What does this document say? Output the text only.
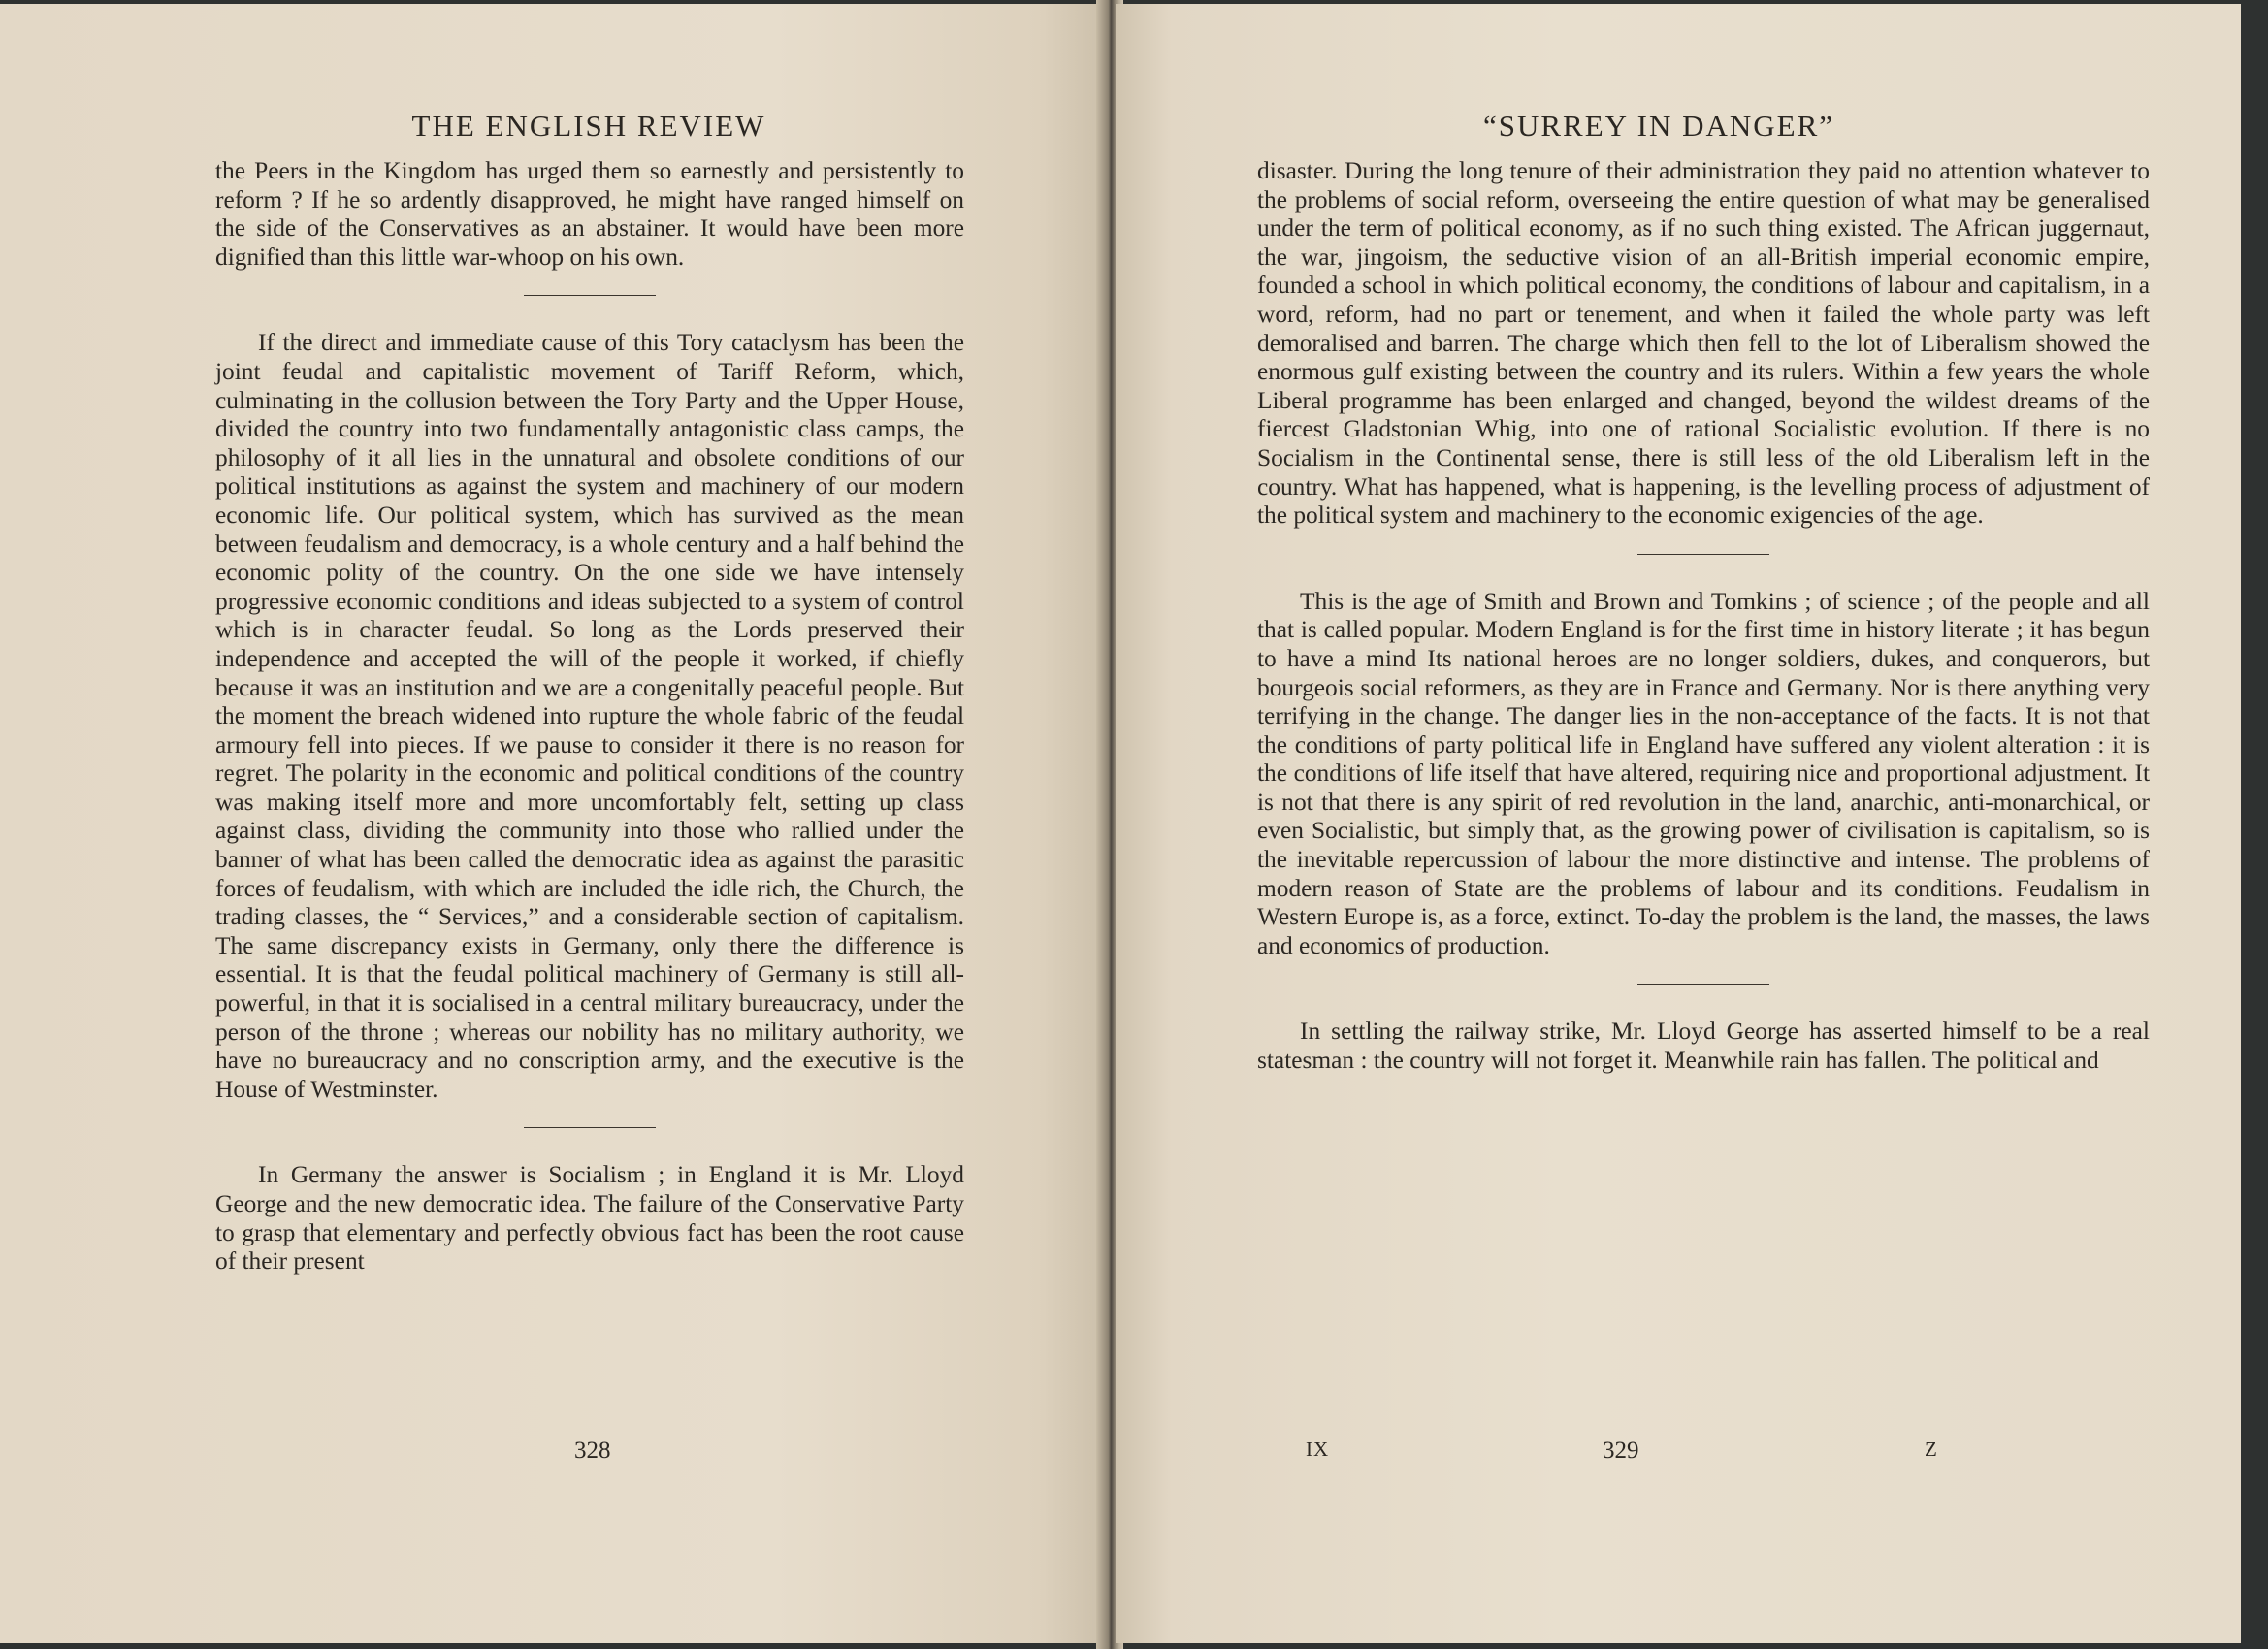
THE ENGLISH REVIEW

the Peers in the Kingdom has urged them so earnestly and persistently to reform ? If he so ardently disapproved, he might have ranged himself on the side of the Conservatives as an abstainer. It would have been more dignified than this little war-whoop on his own.

If the direct and immediate cause of this Tory cataclysm has been the joint feudal and capitalistic movement of Tariff Reform, which, culminating in the collusion between the Tory Party and the Upper House, divided the country into two fundamentally antagonistic class camps, the philosophy of it all lies in the unnatural and obsolete conditions of our political institutions as against the system and machinery of our modern economic life. Our political system, which has survived as the mean between feudalism and democracy, is a whole century and a half behind the economic polity of the country. On the one side we have intensely progressive economic conditions and ideas subjected to a system of control which is in character feudal. So long as the Lords preserved their independence and accepted the will of the people it worked, if chiefly because it was an institution and we are a congenitally peaceful people. But the moment the breach widened into rupture the whole fabric of the feudal armoury fell into pieces. If we pause to consider it there is no reason for regret. The polarity in the economic and political conditions of the country was making itself more and more uncomfortably felt, setting up class against class, dividing the community into those who rallied under the banner of what has been called the democratic idea as against the parasitic forces of feudalism, with which are included the idle rich, the Church, the trading classes, the “ Services,” and a considerable section of capitalism. The same discrepancy exists in Germany, only there the difference is essential. It is that the feudal political machinery of Germany is still all-powerful, in that it is socialised in a central military bureaucracy, under the person of the throne ; whereas our nobility has no military authority, we have no bureaucracy and no conscription army, and the executive is the House of Westminster.

In Germany the answer is Socialism ; in England it is Mr. Lloyd George and the new democratic idea. The failure of the Conservative Party to grasp that elementary and perfectly obvious fact has been the root cause of their present

328
“SURREY IN DANGER”

disaster. During the long tenure of their administration they paid no attention whatever to the problems of social reform, overseeing the entire question of what may be generalised under the term of political economy, as if no such thing existed. The African juggernaut, the war, jingoism, the seductive vision of an all-British imperial economic empire, founded a school in which political economy, the conditions of labour and capitalism, in a word, reform, had no part or tenement, and when it failed the whole party was left demoralised and barren. The charge which then fell to the lot of Liberalism showed the enormous gulf existing between the country and its rulers. Within a few years the whole Liberal programme has been enlarged and changed, beyond the wildest dreams of the fiercest Gladstonian Whig, into one of rational Socialistic evolution. If there is no Socialism in the Continental sense, there is still less of the old Liberalism left in the country. What has happened, what is happening, is the levelling process of adjustment of the political system and machinery to the economic exigencies of the age.

This is the age of Smith and Brown and Tomkins ; of science ; of the people and all that is called popular. Modern England is for the first time in history literate ; it has begun to have a mind Its national heroes are no longer soldiers, dukes, and conquerors, but bourgeois social reformers, as they are in France and Germany. Nor is there anything very terrifying in the change. The danger lies in the non-acceptance of the facts. It is not that the conditions of party political life in England have suffered any violent alteration : it is the conditions of life itself that have altered, requiring nice and proportional adjustment. It is not that there is any spirit of red revolution in the land, anarchic, anti-monarchical, or even Socialistic, but simply that, as the growing power of civilisation is capitalism, so is the inevitable repercussion of labour the more distinctive and intense. The problems of modern reason of State are the problems of labour and its conditions. Feudalism in Western Europe is, as a force, extinct. To-day the problem is the land, the masses, the laws and economics of production.

In settling the railway strike, Mr. Lloyd George has asserted himself to be a real statesman : the country will not forget it. Meanwhile rain has fallen. The political and

IX	329	Z
